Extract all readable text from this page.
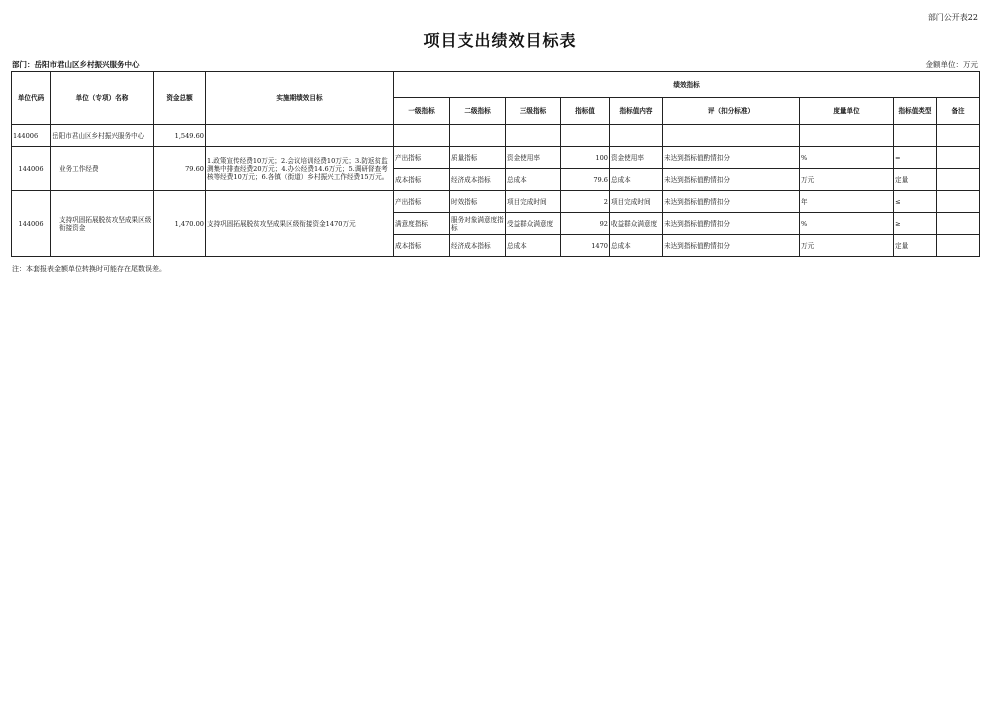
部门公开表22
项目支出绩效目标表
部门：岳阳市君山区乡村振兴服务中心	金额单位：万元
单位代码	单位（专项）名称	资金总额	实施期绩效目标	绩效指标								
				一级指标	二级指标	三级指标	指标值	指标值内容	评（扣分标准）	度量单位	指标值类型	备注
144006	岳阳市君山区乡村振兴服务中心	1,549.60										
144006	业务工作经费	79.60	1.政策宣传经费10万元；2.会议培训经费10万元；3.防返贫监测集中排查经费20万元；4.办公经费14.6万元；5.调研督查考核等经费10万元；6.各镇（街道）乡村振兴工作经费15万元。	产出指标	质量指标	资金使用率	100	资金使用率	未达到指标值酌情扣分	%	=	
				成本指标	经济成本指标	总成本	79.6	总成本	未达到指标值酌情扣分	万元	定量	
144006	支持巩固拓展脱贫攻坚成果区级衔接资金	1,470.00	支持巩固拓展脱贫攻坚成果区级衔接资金1470万元	产出指标	时效指标	项目完成时间	2	项目完成时间	未达到指标值酌情扣分	年	≤	
				满意度指标	服务对象满意度指标	受益群众满意度	92	收益群众满意度	未达到指标值酌情扣分	%	≥	
				成本指标	经济成本指标	总成本	1470	总成本	未达到指标值酌情扣分	万元	定量	
注：本套报表金额单位转换时可能存在尾数误差。
